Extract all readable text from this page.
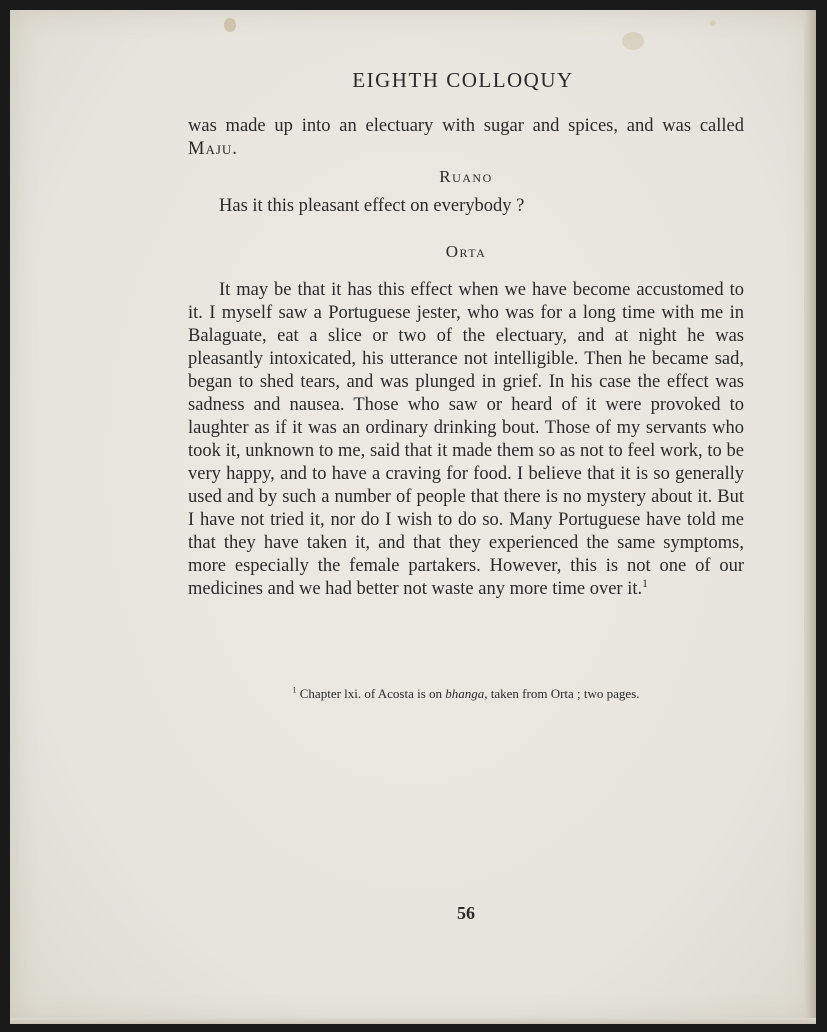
EIGHTH COLLOQUY
was made up into an electuary with sugar and spices, and was called Maju.
Ruano
Has it this pleasant effect on everybody ?
Orta
It may be that it has this effect when we have become accustomed to it. I myself saw a Portuguese jester, who was for a long time with me in Balaguate, eat a slice or two of the electuary, and at night he was pleasantly intoxicated, his utterance not intelligible. Then he became sad, began to shed tears, and was plunged in grief. In his case the effect was sadness and nausea. Those who saw or heard of it were provoked to laughter as if it was an ordinary drinking bout. Those of my servants who took it, unknown to me, said that it made them so as not to feel work, to be very happy, and to have a craving for food. I believe that it is so generally used and by such a number of people that there is no mystery about it. But I have not tried it, nor do I wish to do so. Many Portuguese have told me that they have taken it, and that they experienced the same symptoms, more especially the female partakers. However, this is not one of our medicines and we had better not waste any more time over it.$^1$
$^1$ Chapter lxi. of Acosta is on bhanga, taken from Orta ; two pages.
56
